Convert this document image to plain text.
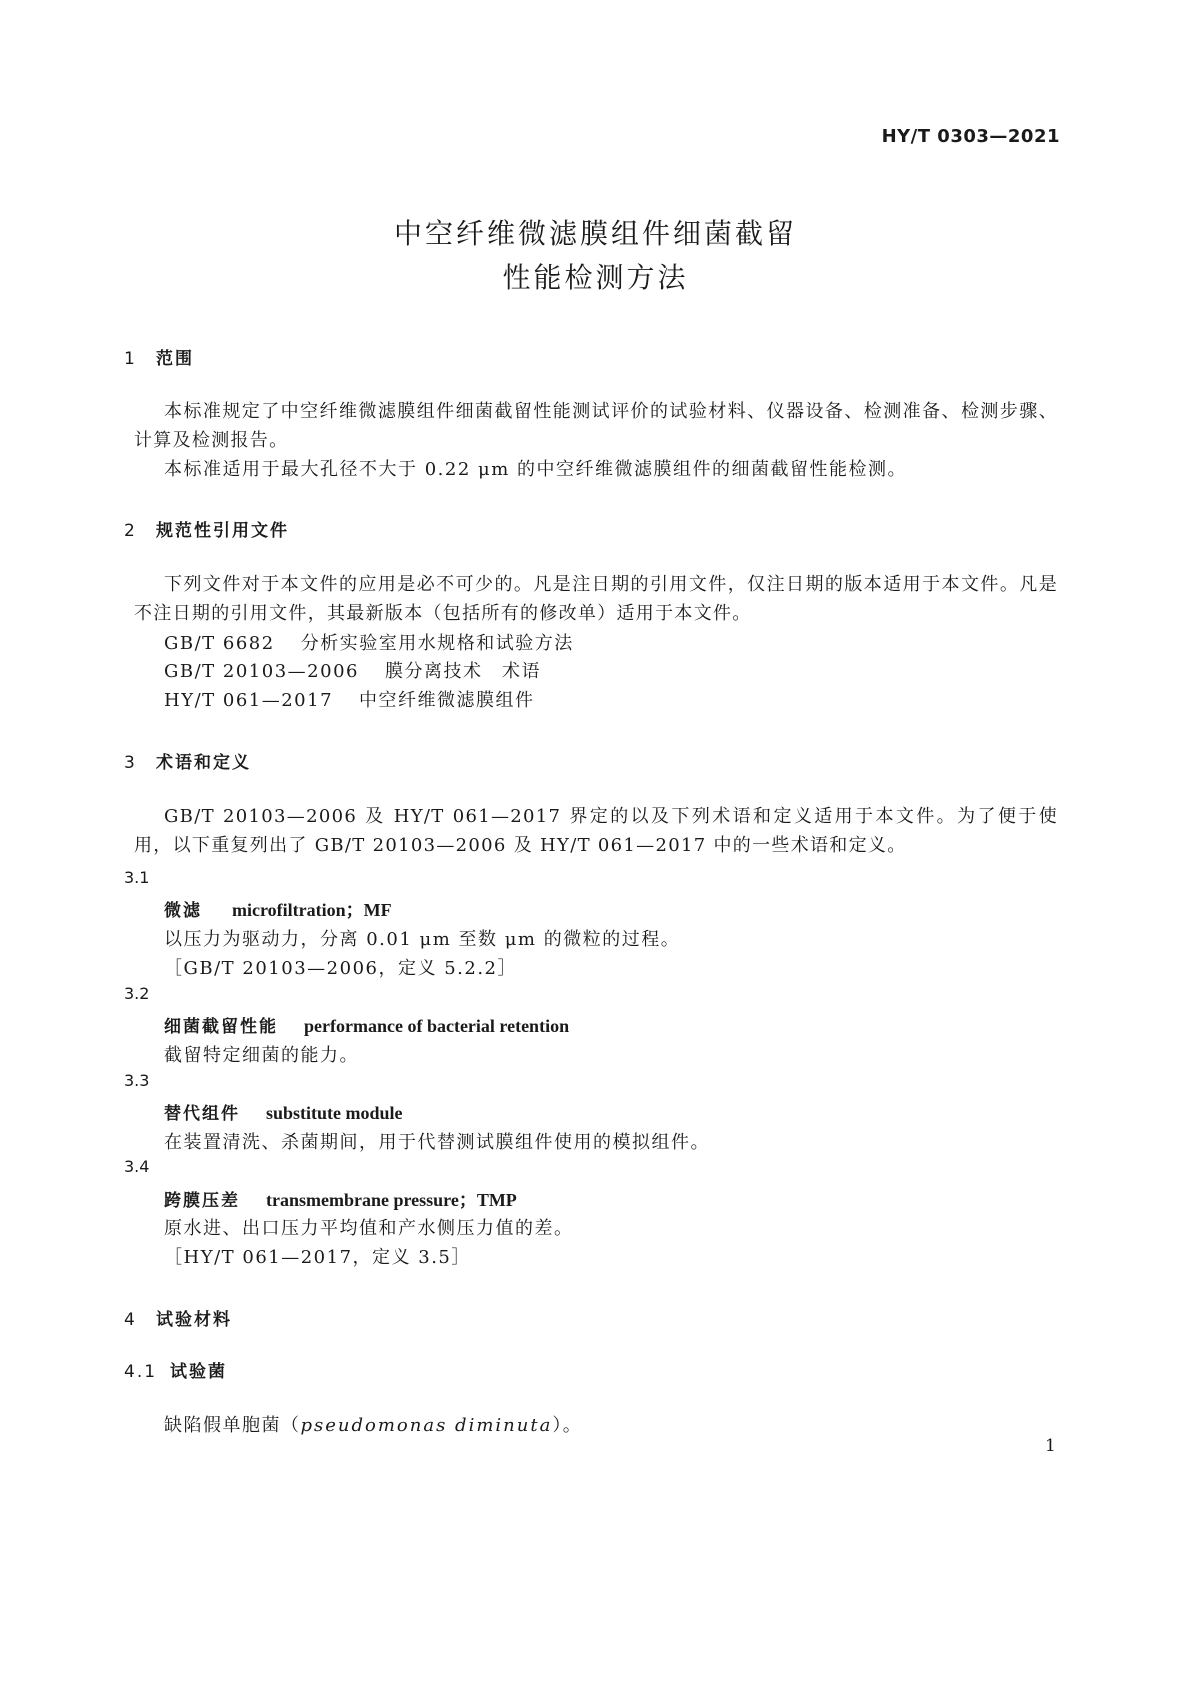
HY/T 0303—2021
中空纤维微滤膜组件细菌截留
性能检测方法
1 范围
本标准规定了中空纤维微滤膜组件细菌截留性能测试评价的试验材料、仪器设备、检测准备、检测步骤、计算及检测报告。
本标准适用于最大孔径不大于 0.22 μm 的中空纤维微滤膜组件的细菌截留性能检测。
2 规范性引用文件
下列文件对于本文件的应用是必不可少的。凡是注日期的引用文件，仅注日期的版本适用于本文件。凡是不注日期的引用文件，其最新版本（包括所有的修改单）适用于本文件。
GB/T 6682 分析实验室用水规格和试验方法
GB/T 20103—2006 膜分离技术　术语
HY/T 061—2017 中空纤维微滤膜组件
3 术语和定义
GB/T 20103—2006 及 HY/T 061—2017 界定的以及下列术语和定义适用于本文件。为了便于使用，以下重复列出了 GB/T 20103—2006 及 HY/T 061—2017 中的一些术语和定义。
3.1
微滤 microfiltration；MF
以压力为驱动力，分离 0.01 μm 至数 μm 的微粒的过程。
［GB/T 20103—2006，定义 5.2.2］
3.2
细菌截留性能 performance of bacterial retention
截留特定细菌的能力。
3.3
替代组件 substitute module
在装置清洗、杀菌期间，用于代替测试膜组件使用的模拟组件。
3.4
跨膜压差 transmembrane pressure；TMP
原水进、出口压力平均值和产水侧压力值的差。
［HY/T 061—2017，定义 3.5］
4 试验材料
4.1 试验菌
缺陷假单胞菌（pseudomonas diminuta）。
1
